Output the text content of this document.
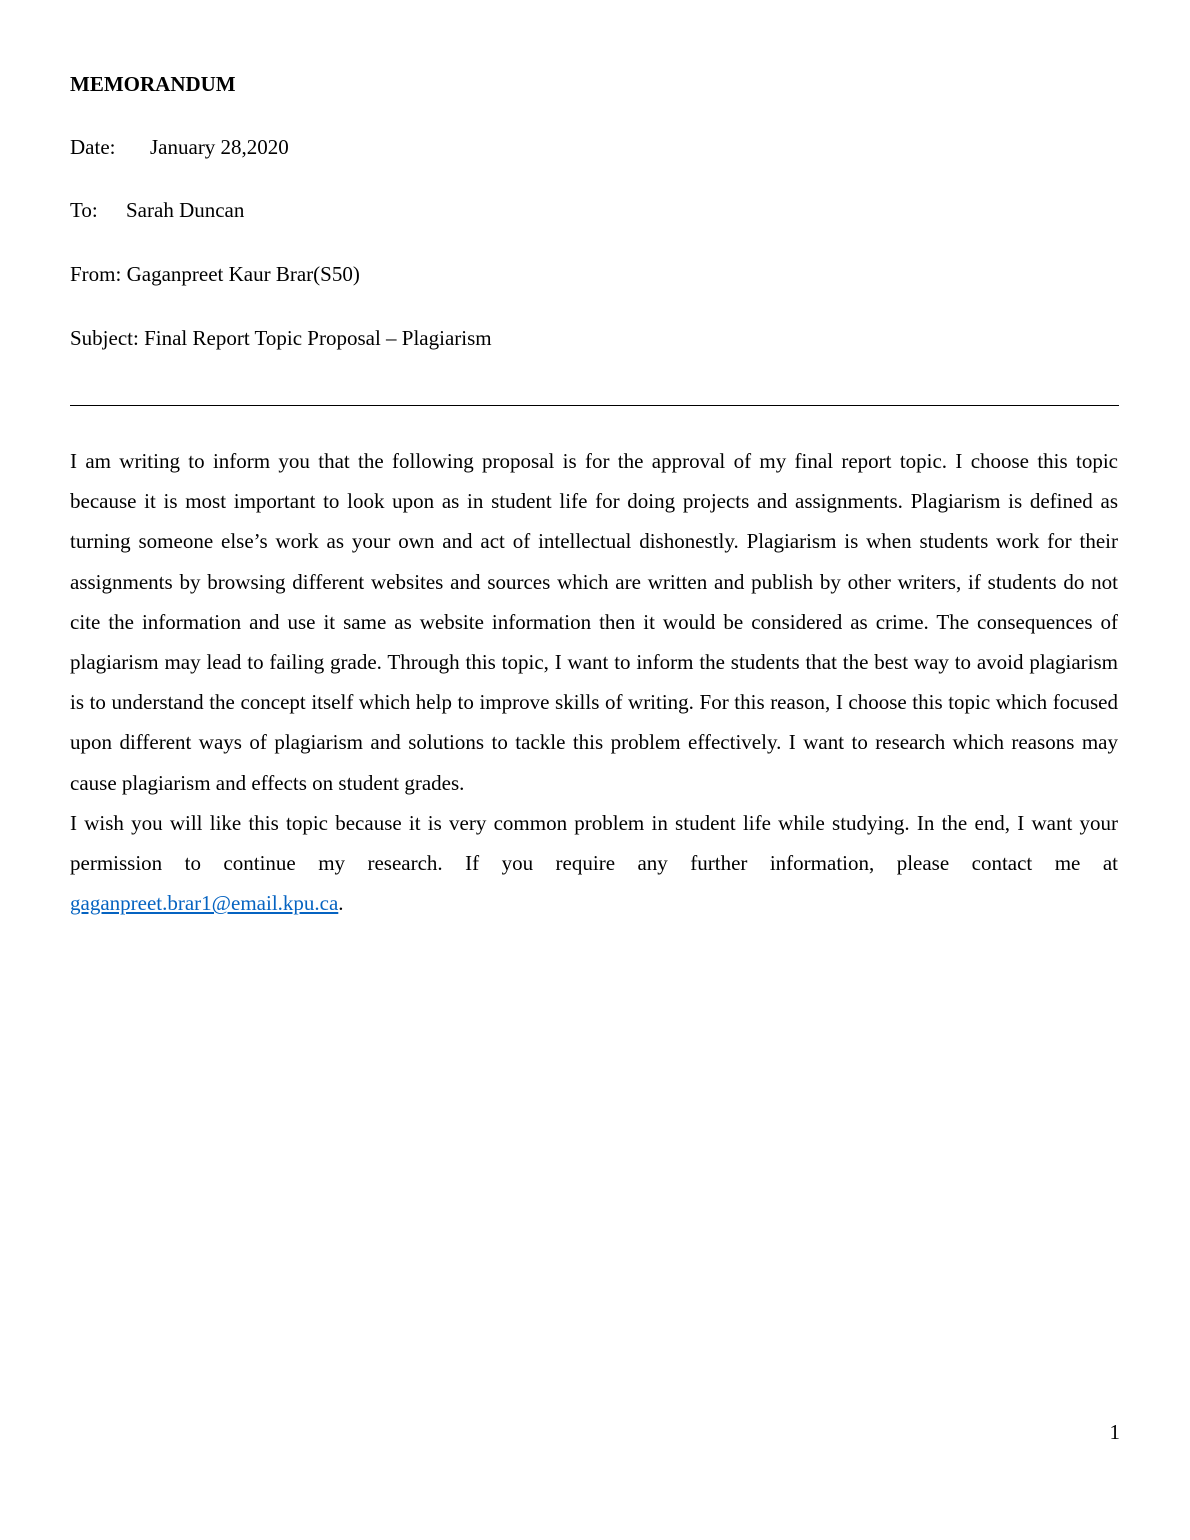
MEMORANDUM
Date: January 28,2020
To: Sarah Duncan
From: Gaganpreet Kaur Brar(S50)
Subject: Final Report Topic Proposal – Plagiarism

I am writing to inform you that the following proposal is for the approval of my final report topic. I choose this topic because it is most important to look upon as in student life for doing projects and assignments. Plagiarism is defined as turning someone else’s work as your own and act of intellectual dishonestly. Plagiarism is when students work for their assignments by browsing different websites and sources which are written and publish by other writers, if students do not cite the information and use it same as website information then it would be considered as crime. The consequences of plagiarism may lead to failing grade. Through this topic, I want to inform the students that the best way to avoid plagiarism is to understand the concept itself which help to improve skills of writing. For this reason, I choose this topic which focused upon different ways of plagiarism and solutions to tackle this problem effectively. I want to research which reasons may cause plagiarism and effects on student grades.

I wish you will like this topic because it is very common problem in student life while studying. In the end, I want your permission to continue my research. If you require any further information, please contact me at gaganpreet.brar1@email.kpu.ca.

1
